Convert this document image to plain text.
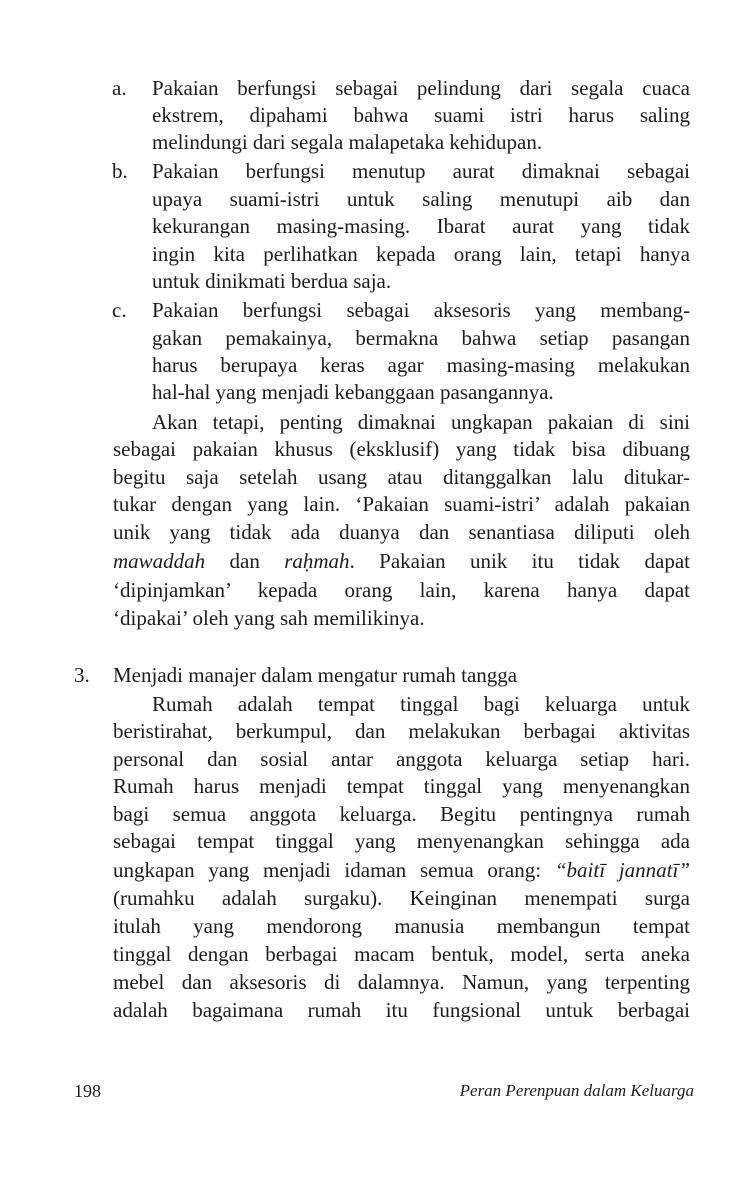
a. Pakaian berfungsi sebagai pelindung dari segala cuaca

ekstrem, dipahami bahwa suami istri harus saling

melindungi dari segala malapetaka kehidupan.

b. Pakaian berfungsi menutup aurat dimaknai sebagai

upaya suami-istri untuk saling menutupi aib dan

kekurangan masing-masing. Ibarat aurat yang tidak

ingin kita perlihatkan kepada orang lain, tetapi hanya

untuk dinikmati berdua saja.

c. Pakaian berfungsi sebagai aksesoris yang membang-

gakan pemakainya, bermakna bahwa setiap pasangan

harus berupaya keras agar masing-masing melakukan

hal-hal yang menjadi kebanggaan pasangannya.

Akan tetapi, penting dimaknai ungkapan pakaian di sini

sebagai pakaian khusus (eksklusif) yang tidak bisa dibuang

begitu saja setelah usang atau ditanggalkan lalu ditukar-

tukar dengan yang lain. ‘Pakaian suami-istri’ adalah pakaian

unik yang tidak ada duanya dan senantiasa diliputi oleh

mawaddah dan raḥmah. Pakaian unik itu tidak dapat

‘dipinjamkan’ kepada orang lain, karena hanya dapat

‘dipakai’ oleh yang sah memilikinya.

3. Menjadi manajer dalam mengatur rumah tangga

Rumah adalah tempat tinggal bagi keluarga untuk

beristirahat, berkumpul, dan melakukan berbagai aktivitas

personal dan sosial antar anggota keluarga setiap hari.

Rumah harus menjadi tempat tinggal yang menyenangkan

bagi semua anggota keluarga. Begitu pentingnya rumah

sebagai tempat tinggal yang menyenangkan sehingga ada

ungkapan yang menjadi idaman semua orang: “baitī jannatī”

(rumahku adalah surgaku). Keinginan menempati surga

itulah yang mendorong manusia membangun tempat

tinggal dengan berbagai macam bentuk, model, serta aneka

mebel dan aksesoris di dalamnya. Namun, yang terpenting

adalah bagaimana rumah itu fungsional untuk berbagai

198	Peran Perenpuan dalam Keluarga
